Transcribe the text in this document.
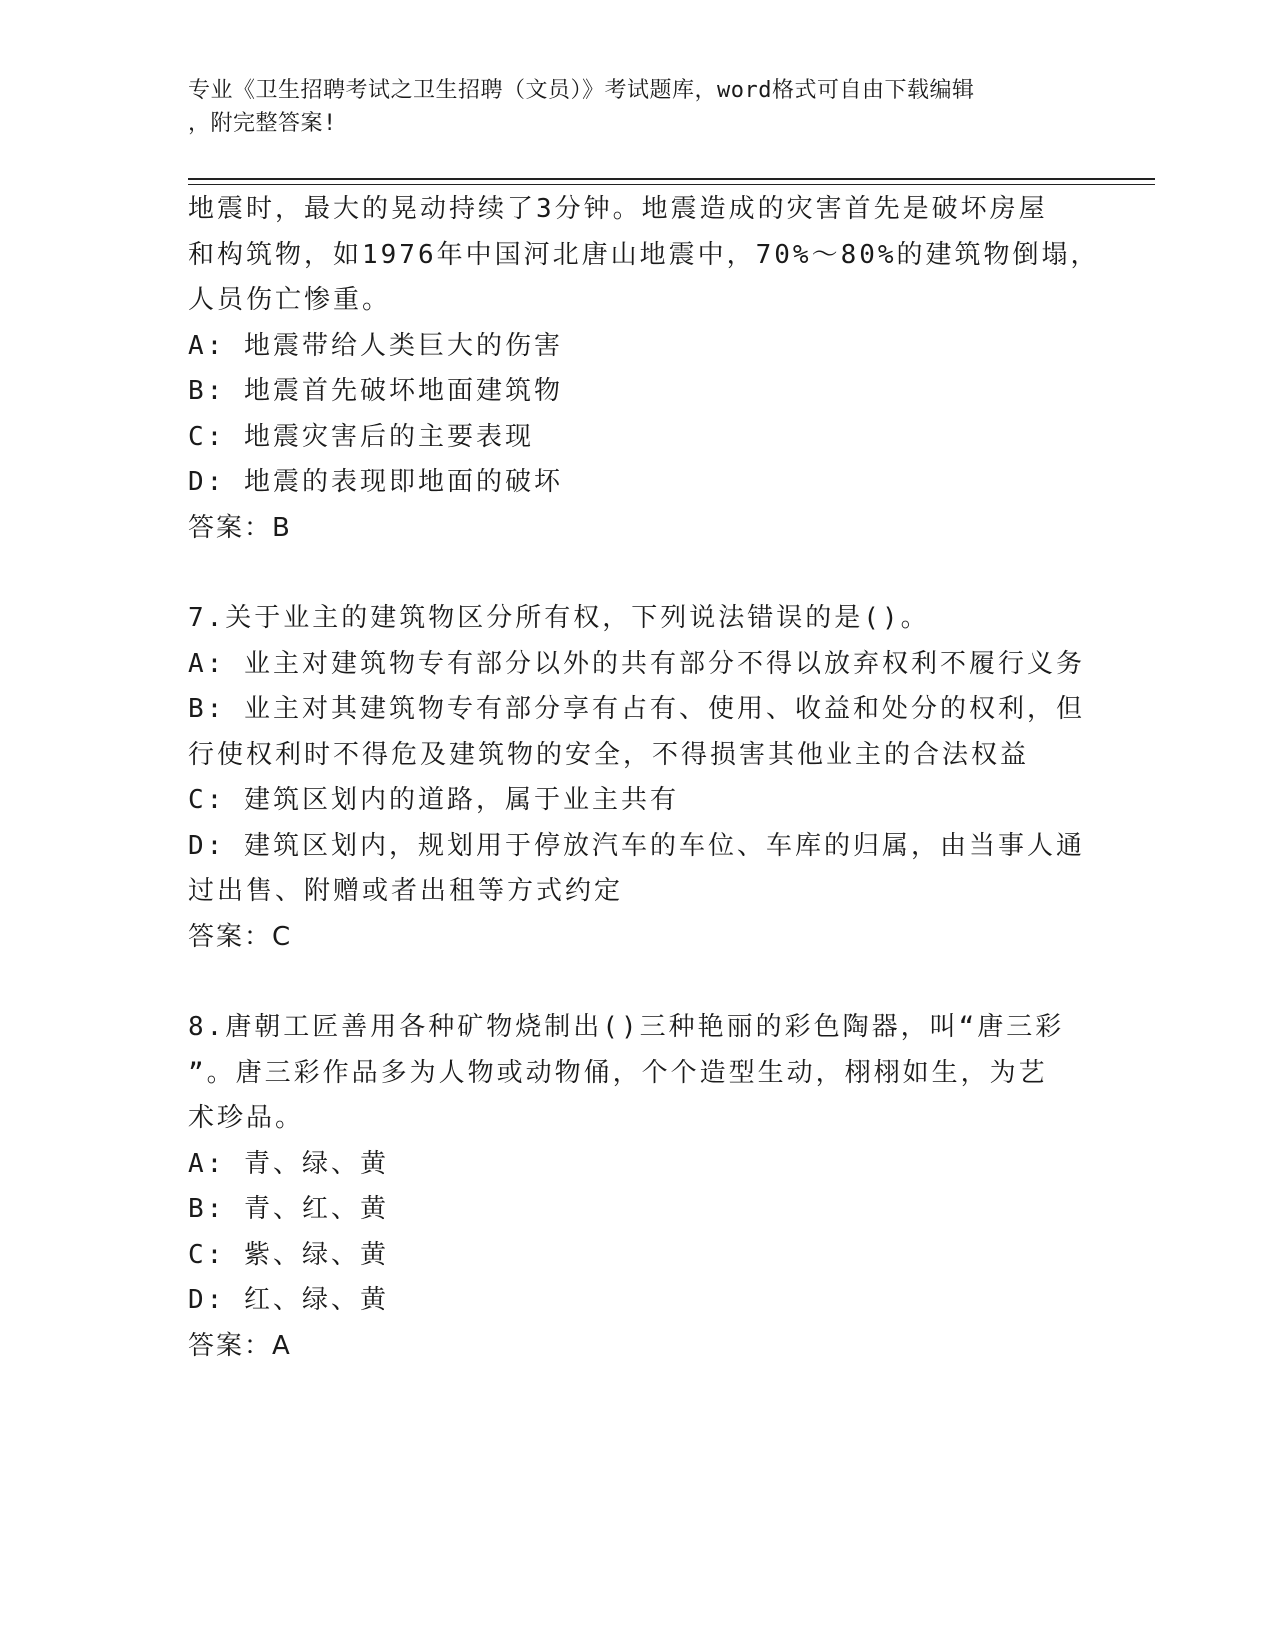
专业《卫生招聘考试之卫生招聘（文员）》考试题库，word格式可自由下载编辑
，附完整答案!
地震时，最大的晃动持续了3分钟。地震造成的灾害首先是破坏房屋
和构筑物，如1976年中国河北唐山地震中，70%～80%的建筑物倒塌，
人员伤亡惨重。
A: 地震带给人类巨大的伤害
B: 地震首先破坏地面建筑物
C: 地震灾害后的主要表现
D: 地震的表现即地面的破坏
答案：B
7.关于业主的建筑物区分所有权，下列说法错误的是()。
A: 业主对建筑物专有部分以外的共有部分不得以放弃权利不履行义务
B: 业主对其建筑物专有部分享有占有、使用、收益和处分的权利，但
行使权利时不得危及建筑物的安全，不得损害其他业主的合法权益
C: 建筑区划内的道路，属于业主共有
D: 建筑区划内，规划用于停放汽车的车位、车库的归属，由当事人通
过出售、附赠或者出租等方式约定
答案：C
8.唐朝工匠善用各种矿物烧制出()三种艳丽的彩色陶器，叫“唐三彩
”。唐三彩作品多为人物或动物俑，个个造型生动，栩栩如生，为艺
术珍品。
A: 青、绿、黄
B: 青、红、黄
C: 紫、绿、黄
D: 红、绿、黄
答案：A
